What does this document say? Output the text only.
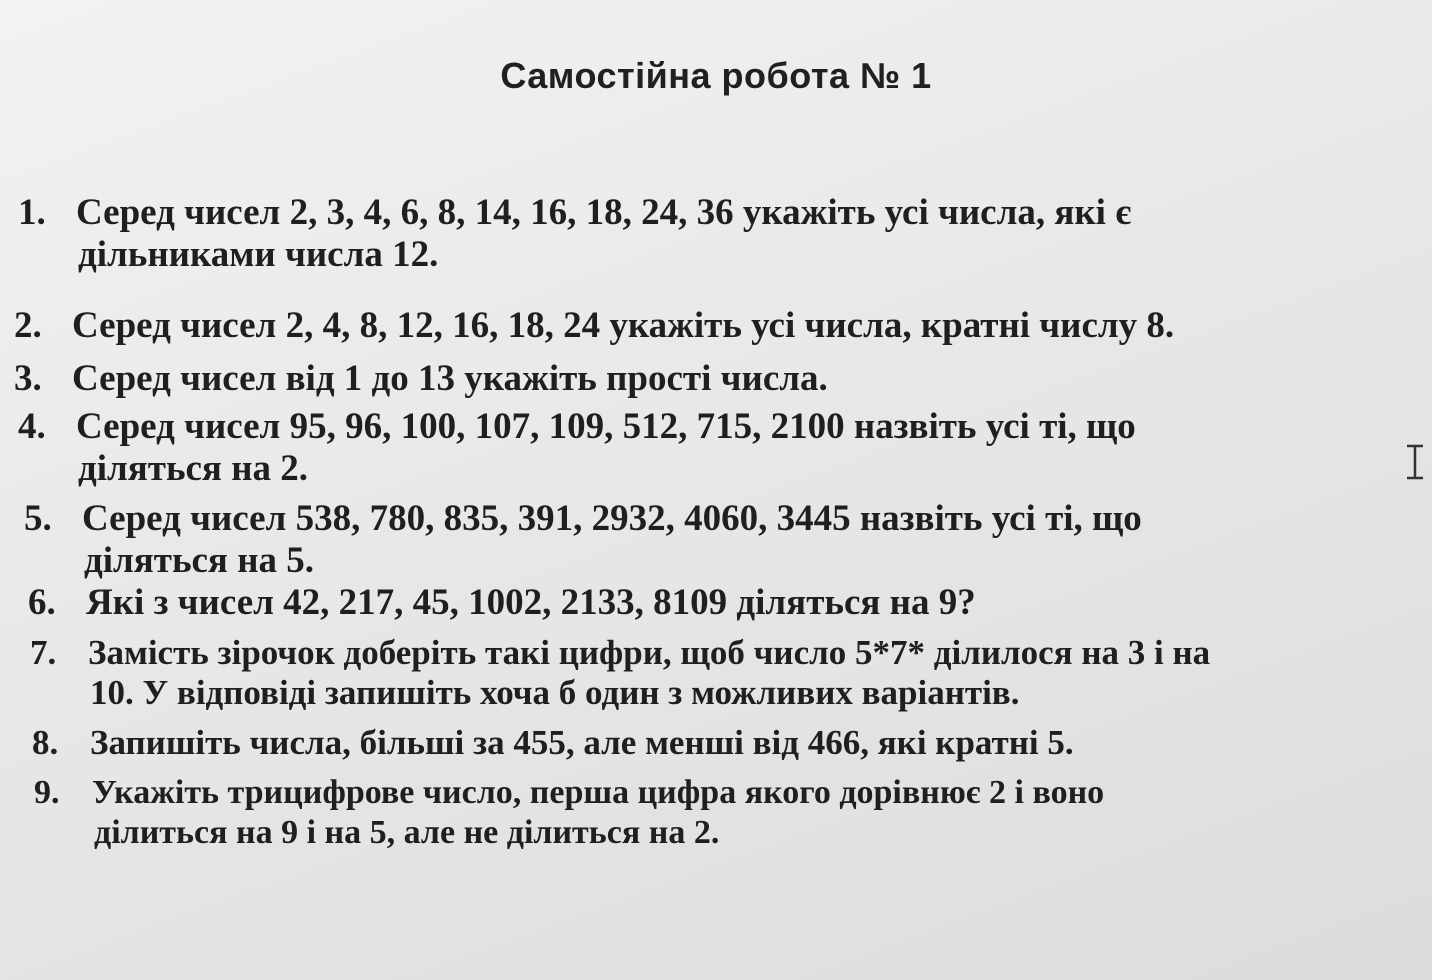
Самостійна робота № 1
1. Серед чисел 2, 3, 4, 6, 8, 14, 16, 18, 24, 36 укажіть усі числа, які є
дільниками числа 12.
2. Серед чисел 2, 4, 8, 12, 16, 18, 24 укажіть усі числа, кратні числу 8.
3. Серед чисел від 1 до 13 укажіть прості числа.
4. Серед чисел 95, 96, 100, 107, 109, 512, 715, 2100 назвіть усі ті, що
діляться на 2.
5. Серед чисел 538, 780, 835, 391, 2932, 4060, 3445 назвіть усі ті, що
діляться на 5.
6. Які з чисел 42, 217, 45, 1002, 2133, 8109 діляться на 9?
7. Замість зірочок доберіть такі цифри, щоб число 5*7* ділилося на 3 і на
10. У відповіді запишіть хоча б один з можливих варіантів.
8. Запишіть числа, більші за 455, але менші від 466, які кратні 5.
9. Укажіть трицифрове число, перша цифра якого дорівнює 2 і воно
ділиться на 9 і на 5, але не ділиться на 2.
